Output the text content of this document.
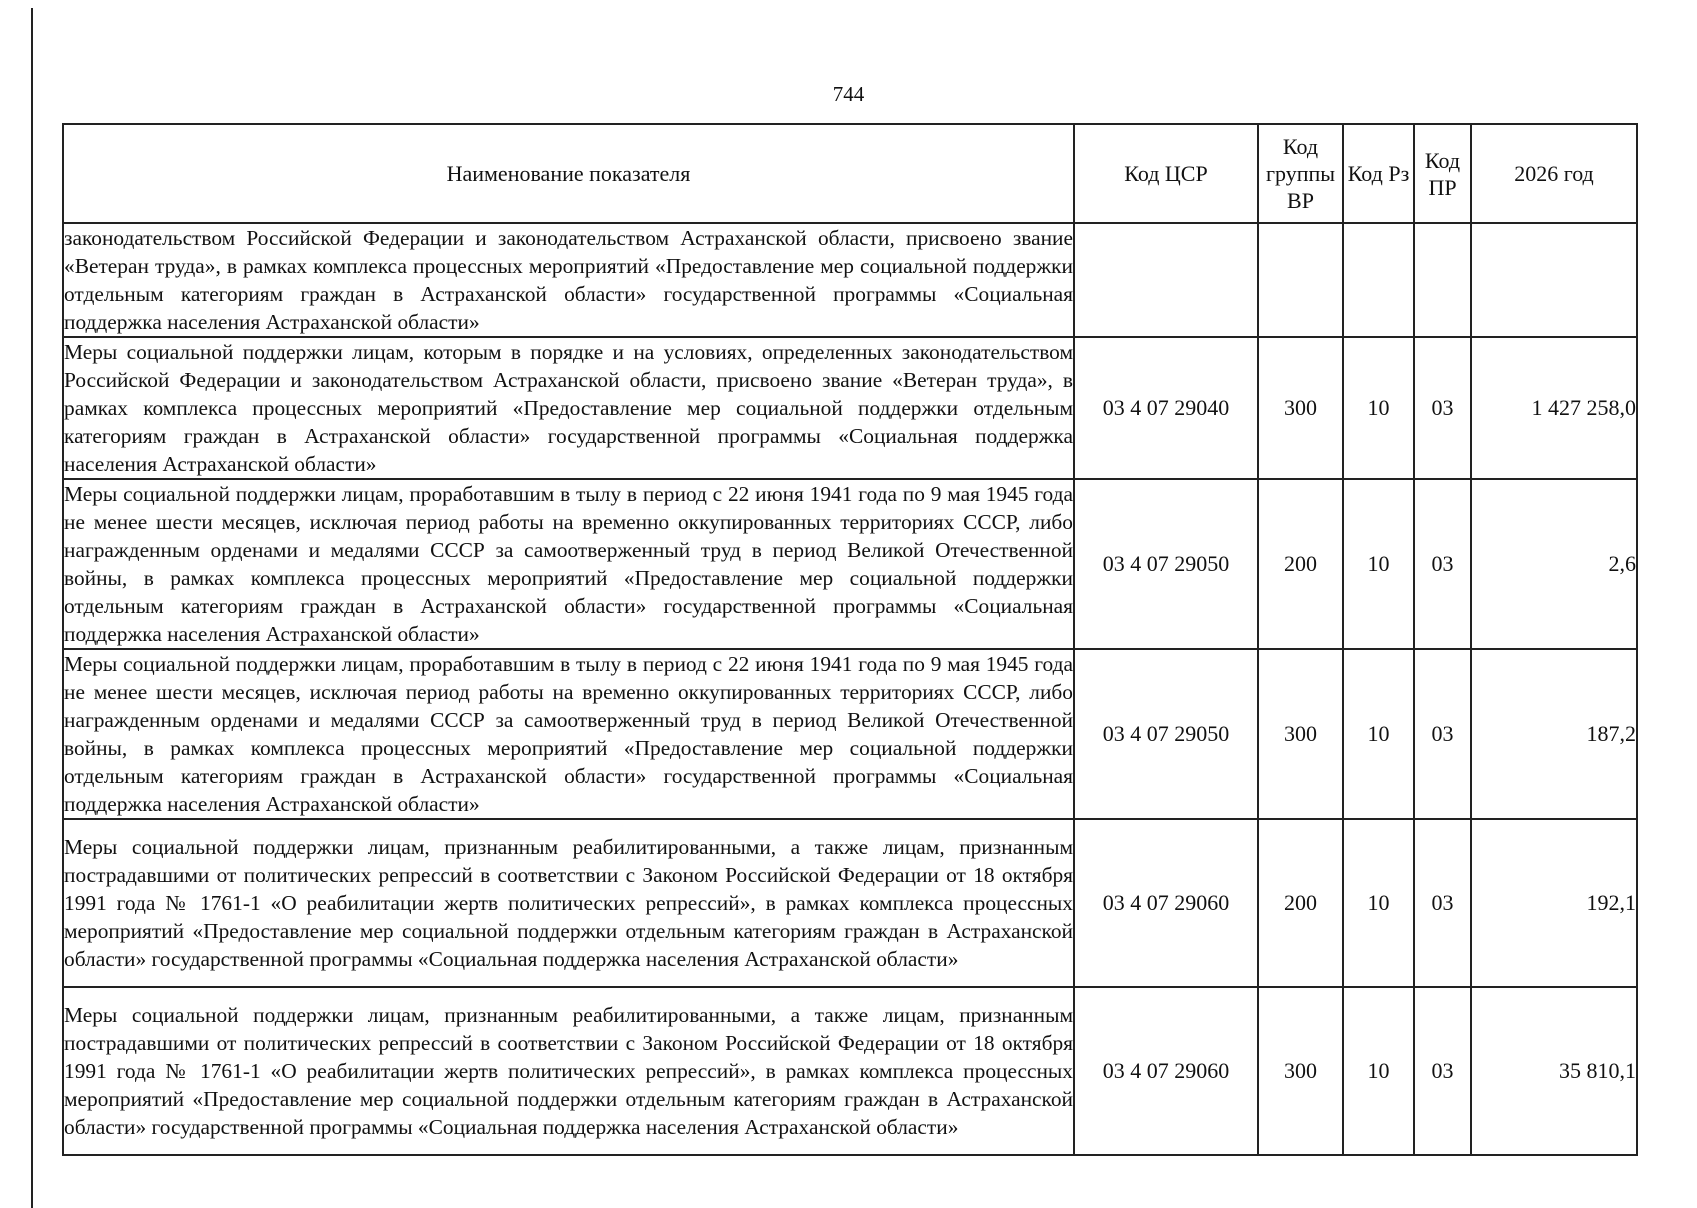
744
Наименование показателя	Код ЦСР	Код группы ВР	Код Рз	Код ПР	2026 год
законодательством Российской Федерации и законодательством Астраханской области, присвоено звание «Ветеран труда», в рамках комплекса процессных мероприятий «Предоставление мер социальной поддержки отдельным категориям граждан в Астраханской области» государственной программы «Социальная поддержка населения Астраханской области»					
Меры социальной поддержки лицам, которым в порядке и на условиях, определенных законодательством Российской Федерации и законодательством Астраханской области, присвоено звание «Ветеран труда», в рамках комплекса процессных мероприятий «Предоставление мер социальной поддержки отдельным категориям граждан в Астраханской области» государственной программы «Социальная поддержка населения Астраханской области»	03 4 07 29040	300	10	03	1 427 258,0
Меры социальной поддержки лицам, проработавшим в тылу в период с 22 июня 1941 года по 9 мая 1945 года не менее шести месяцев, исключая период работы на временно оккупированных территориях СССР, либо награжденным орденами и медалями СССР за самоотверженный труд в период Великой Отечественной войны, в рамках комплекса процессных мероприятий «Предоставление мер социальной поддержки отдельным категориям граждан в Астраханской области» государственной программы «Социальная поддержка населения Астраханской области»	03 4 07 29050	200	10	03	2,6
Меры социальной поддержки лицам, проработавшим в тылу в период с 22 июня 1941 года по 9 мая 1945 года не менее шести месяцев, исключая период работы на временно оккупированных территориях СССР, либо награжденным орденами и медалями СССР за самоотверженный труд в период Великой Отечественной войны, в рамках комплекса процессных мероприятий «Предоставление мер социальной поддержки отдельным категориям граждан в Астраханской области» государственной программы «Социальная поддержка населения Астраханской области»	03 4 07 29050	300	10	03	187,2
Меры социальной поддержки лицам, признанным реабилитированными, а также лицам, признанным пострадавшими от политических репрессий в соответствии с Законом Российской Федерации от 18 октября 1991 года № 1761-1 «О реабилитации жертв политических репрессий», в рамках комплекса процессных мероприятий «Предоставление мер социальной поддержки отдельным категориям граждан в Астраханской области» государственной программы «Социальная поддержка населения Астраханской области»	03 4 07 29060	200	10	03	192,1
Меры социальной поддержки лицам, признанным реабилитированными, а также лицам, признанным пострадавшими от политических репрессий в соответствии с Законом Российской Федерации от 18 октября 1991 года № 1761-1 «О реабилитации жертв политических репрессий», в рамках комплекса процессных мероприятий «Предоставление мер социальной поддержки отдельным категориям граждан в Астраханской области» государственной программы «Социальная поддержка населения Астраханской области»	03 4 07 29060	300	10	03	35 810,1
